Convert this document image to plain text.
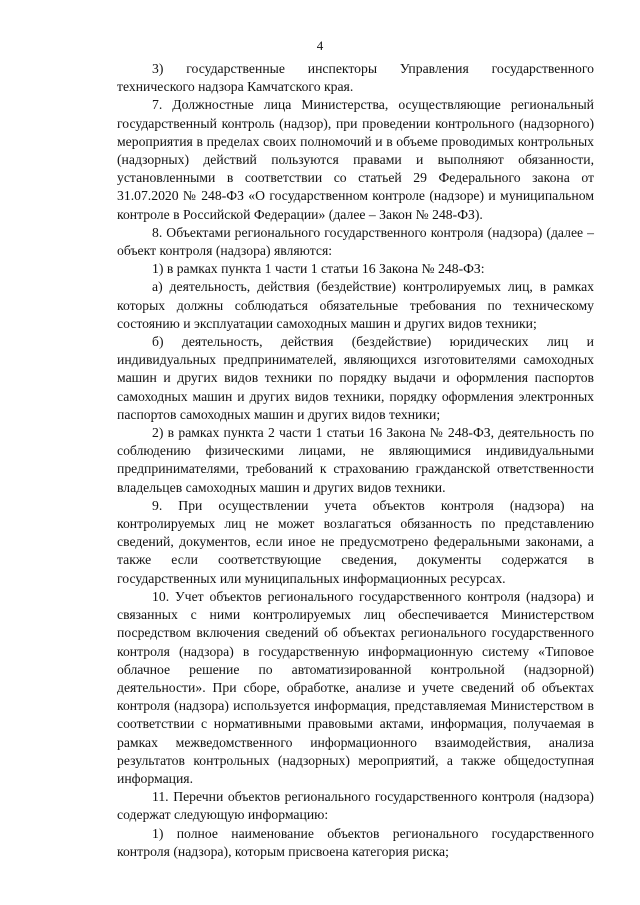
4

3) государственные инспекторы Управления государственного технического надзора Камчатского края.

7. Должностные лица Министерства, осуществляющие региональный государственный контроль (надзор), при проведении контрольного (надзорного) мероприятия в пределах своих полномочий и в объеме проводимых контрольных (надзорных) действий пользуются правами и выполняют обязанности, установленными в соответствии со статьей 29 Федерального закона от 31.07.2020 № 248-ФЗ «О государственном контроле (надзоре) и муниципальном контроле в Российской Федерации» (далее – Закон № 248-ФЗ).

8. Объектами регионального государственного контроля (надзора) (далее – объект контроля (надзора) являются:

1) в рамках пункта 1 части 1 статьи 16 Закона № 248-ФЗ:

а) деятельность, действия (бездействие) контролируемых лиц, в рамках которых должны соблюдаться обязательные требования по техническому состоянию и эксплуатации самоходных машин и других видов техники;

б) деятельность, действия (бездействие) юридических лиц и индивидуальных предпринимателей, являющихся изготовителями самоходных машин и других видов техники по порядку выдачи и оформления паспортов самоходных машин и других видов техники, порядку оформления электронных паспортов самоходных машин и других видов техники;

2) в рамках пункта 2 части 1 статьи 16 Закона № 248-ФЗ, деятельность по соблюдению физическими лицами, не являющимися индивидуальными предпринимателями, требований к страхованию гражданской ответственности владельцев самоходных машин и других видов техники.

9. При осуществлении учета объектов контроля (надзора) на контролируемых лиц не может возлагаться обязанность по представлению сведений, документов, если иное не предусмотрено федеральными законами, а также если соответствующие сведения, документы содержатся в государственных или муниципальных информационных ресурсах.

10. Учет объектов регионального государственного контроля (надзора) и связанных с ними контролируемых лиц обеспечивается Министерством посредством включения сведений об объектах регионального государственного контроля (надзора) в государственную информационную систему «Типовое облачное решение по автоматизированной контрольной (надзорной) деятельности». При сборе, обработке, анализе и учете сведений об объектах контроля (надзора) используется информация, представляемая Министерством в соответствии с нормативными правовыми актами, информация, получаемая в рамках межведомственного информационного взаимодействия, анализа результатов контрольных (надзорных) мероприятий, а также общедоступная информация.

11. Перечни объектов регионального государственного контроля (надзора) содержат следующую информацию:

1) полное наименование объектов регионального государственного контроля (надзора), которым присвоена категория риска;
